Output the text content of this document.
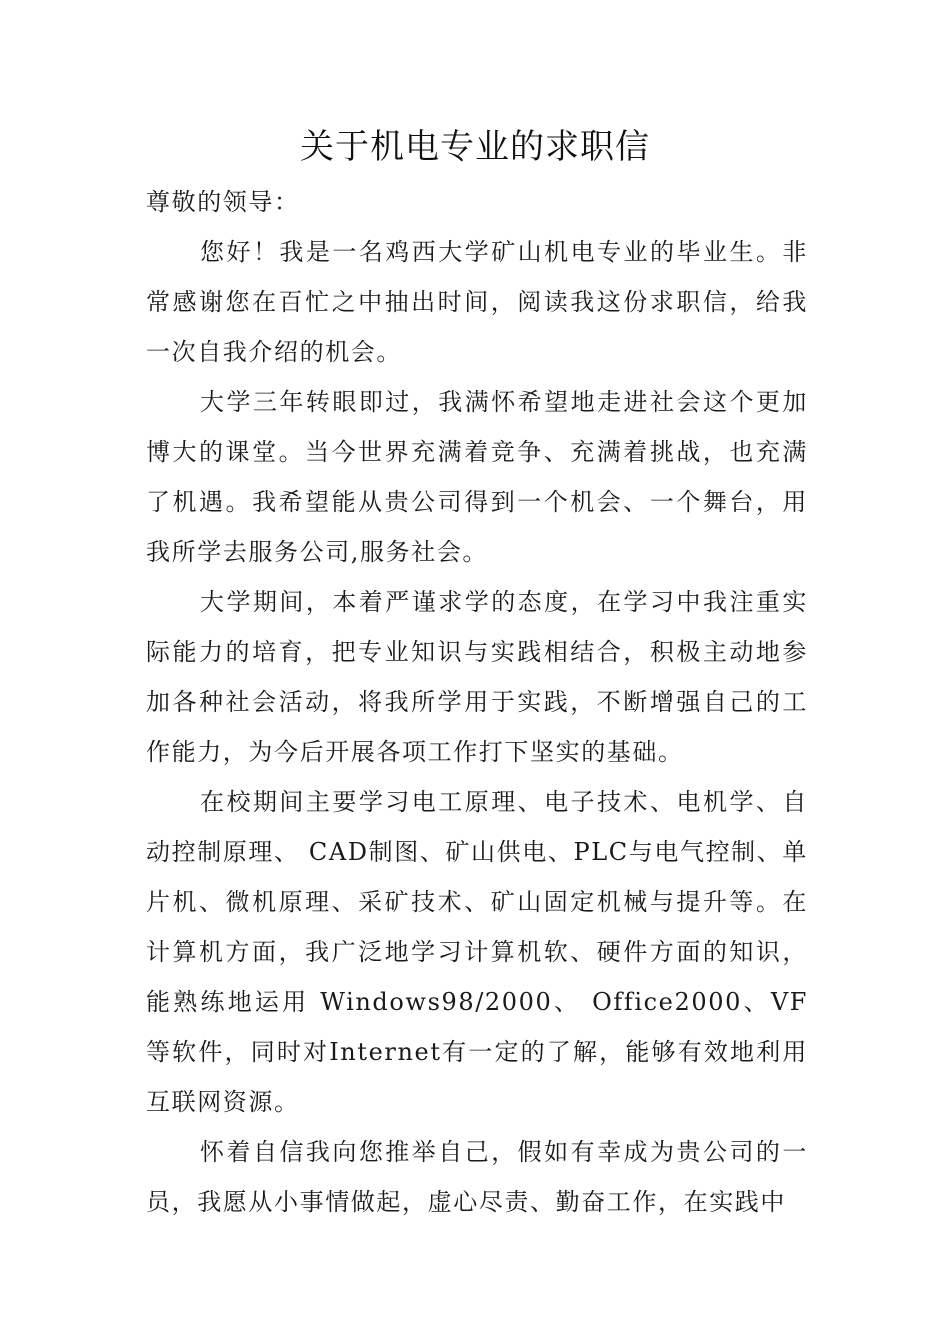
关于机电专业的求职信

尊敬的领导：

您好！我是一名鸡西大学矿山机电专业的毕业生。非常感谢您在百忙之中抽出时间，阅读我这份求职信，给我一次自我介绍的机会。

大学三年转眼即过，我满怀希望地走进社会这个更加博大的课堂。当今世界充满着竞争、充满着挑战，也充满了机遇。我希望能从贵公司得到一个机会、一个舞台，用我所学去服务公司,服务社会。

大学期间，本着严谨求学的态度，在学习中我注重实际能力的培育，把专业知识与实践相结合，积极主动地参加各种社会活动，将我所学用于实践，不断增强自己的工作能力，为今后开展各项工作打下坚实的基础。

在校期间主要学习电工原理、电子技术、电机学、自动控制原理、 CAD制图、矿山供电、PLC与电气控制、单片机、微机原理、采矿技术、矿山固定机械与提升等。在计算机方面，我广泛地学习计算机软、硬件方面的知识，能熟练地运用 Windows98/2000、 Office2000、VF等软件，同时对Internet有一定的了解，能够有效地利用互联网资源。

怀着自信我向您推举自己，假如有幸成为贵公司的一员，我愿从小事情做起，虚心尽责、勤奋工作，在实践中
